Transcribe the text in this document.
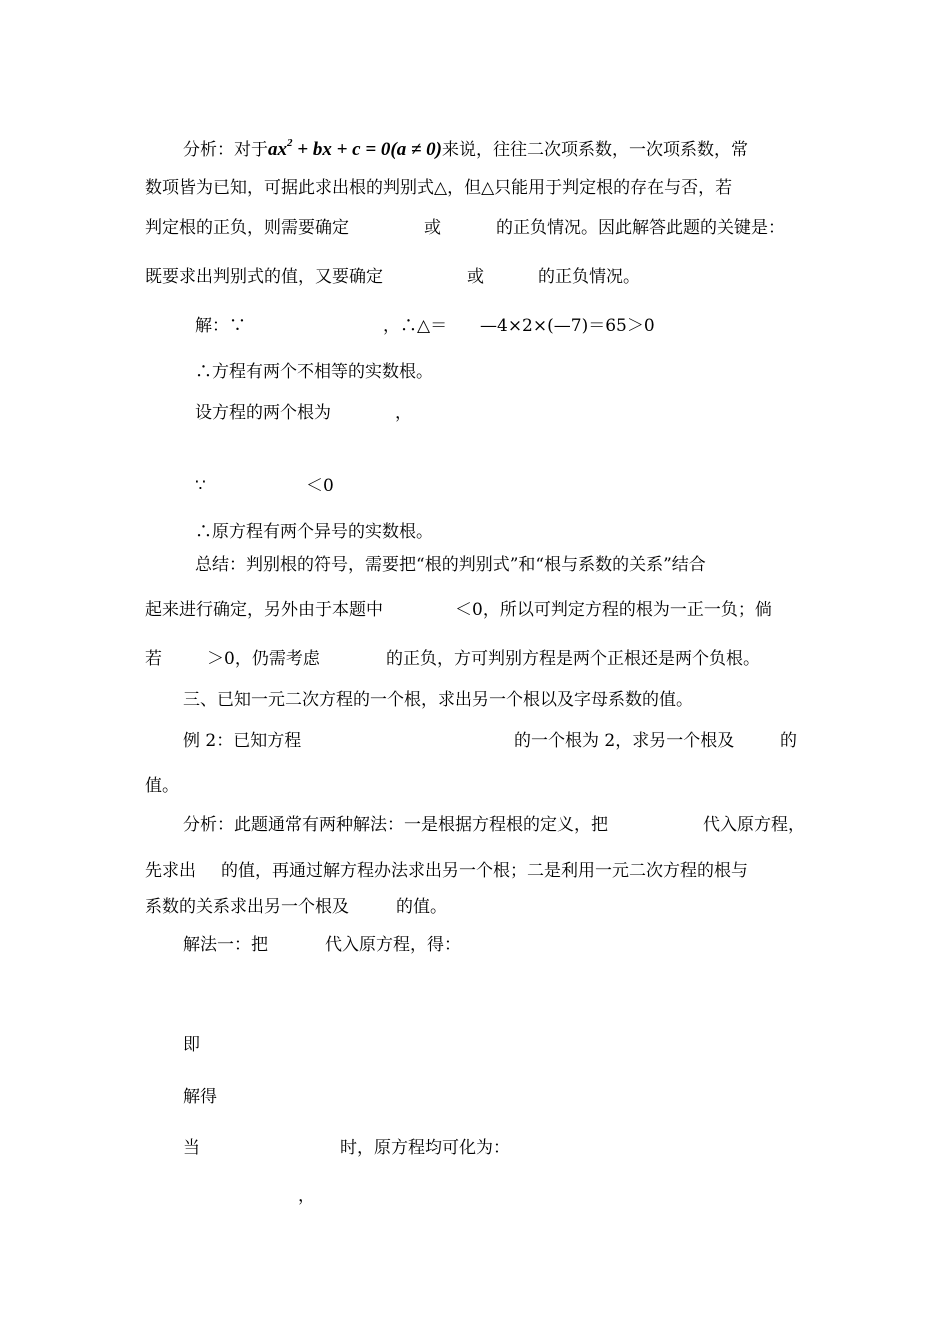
分析：对于$ax^2$ + bx + c = 0(a ≠ 0)来说，往往二次项系数，一次项系数，常
数项皆为已知，可据此求出根的判别式△，但△只能用于判定根的存在与否，若
判定根的正负，则需要确定	或	的正负情况。因此解答此题的关键是：
既要求出判别式的值，又要确定	或	的正负情况。
解：∵	，∴△＝ —4×2×(—7)＝65＞0
∴方程有两个不相等的实数根。
设方程的两个根为	，
∵	＜0
∴原方程有两个异号的实数根。
总结：判别根的符号，需要把“根的判别式”和“根与系数的关系”结合
起来进行确定，另外由于本题中	＜0，所以可判定方程的根为一正一负；倘
若	＞0，仍需考虑	的正负，方可判别方程是两个正根还是两个负根。
三、已知一元二次方程的一个根，求出另一个根以及字母系数的值。
例 2：已知方程	的一个根为 2，求另一个根及	的
值。
分析：此题通常有两种解法：一是根据方程根的定义，把	代入原方程，
先求出 的值，再通过解方程办法求出另一个根；二是利用一元二次方程的根与
系数的关系求出另一个根及	的值。
解法一：把	代入原方程，得：
即
解得
当	时，原方程均可化为：
，
